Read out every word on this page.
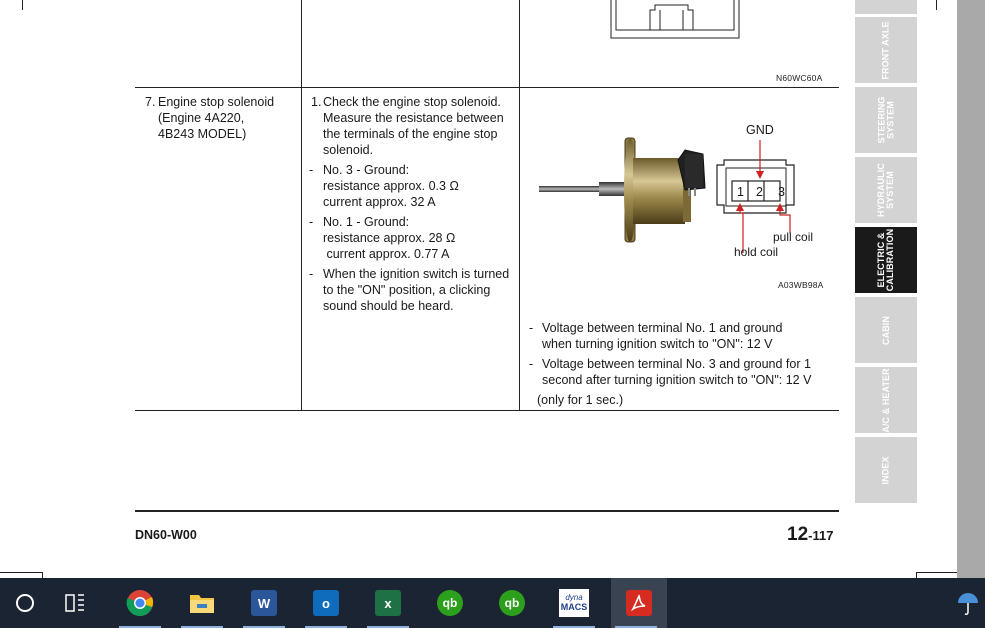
N60WC60A
7. Engine stop solenoid
(Engine 4A220,
4B243 MODEL)
1. Check the engine stop solenoid.
Measure the resistance between
the terminals of the engine stop
solenoid.
- No. 3 - Ground:
resistance approx. 0.3 Ω
current approx. 32 A
- No. 1 - Ground:
resistance approx. 28 Ω
current approx. 0.77 A
- When the ignition switch is turned
to the "ON" position, a clicking
sound should be heard.
GND
1 2 3
pull coil
hold coil
A03WB98A
- Voltage between terminal No. 1 and ground
when turning ignition switch to "ON": 12 V
- Voltage between terminal No. 3 and ground for 1
second after turning ignition switch to "ON": 12 V
(only for 1 sec.)
FRONT AXLE
STEERING
SYSTEM
HYDRAULIC
SYSTEM
ELECTRIC &
CALIBRATION
CABIN
A/C & HEATER
INDEX
DN60-W00	12-117
W	o	x	qb	qb	dyna
MACS
